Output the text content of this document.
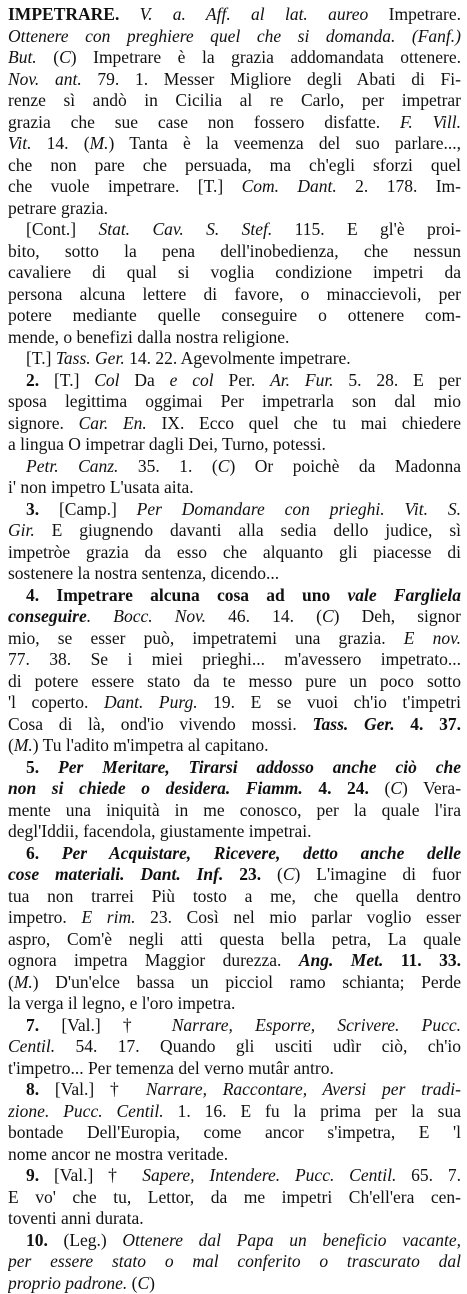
IMPETRARE. V. a. Aff. al lat. aureo Impetrare.
Ottenere con preghiere quel che si domanda. (Fanf.)
But. (C) Impetrare è la grazia addomandata ottenere.
Nov. ant. 79. 1. Messer Migliore degli Abati di Fi-
renze sì andò in Cicilia al re Carlo, per impetrar
grazia che sue case non fossero disfatte. F. Vill.
Vit. 14. (M.) Tanta è la veemenza del suo parlare...,
che non pare che persuada, ma ch'egli sforzi quel
che vuole impetrare. [T.] Com. Dant. 2. 178. Im-
petrare grazia.
[Cont.] Stat. Cav. S. Stef. 115. E gl'è proi-
bito, sotto la pena dell'inobedienza, che nessun
cavaliere di qual si voglia condizione impetri da
persona alcuna lettere di favore, o minaccievoli, per
potere mediante quelle conseguire o ottenere com-
mende, o benefizi dalla nostra religione.
[T.] Tass. Ger. 14. 22. Agevolmente impetrare.
2. [T.] Col Da e col Per. Ar. Fur. 5. 28. E per
sposa legittima oggimai Per impetrarla son dal mio
signore. Car. En. IX. Ecco quel che tu mai chiedere
a lingua O impetrar dagli Dei, Turno, potessi.
Petr. Canz. 35. 1. (C) Or poichè da Madonna
i' non impetro L'usata aita.
3. [Camp.] Per Domandare con prieghi. Vit. S.
Gir. E giugnendo davanti alla sedia dello judice, sì
impetròe grazia da esso che alquanto gli piacesse di
sostenere la nostra sentenza, dicendo...
4. Impetrare alcuna cosa ad uno vale Fargliela
conseguire. Bocc. Nov. 46. 14. (C) Deh, signor
mio, se esser può, impetratemi una grazia. E nov.
77. 38. Se i miei prieghi... m'avessero impetrato...
di potere essere stato da te messo pure un poco sotto
'l coperto. Dant. Purg. 19. E se vuoi ch'io t'impetri
Cosa di là, ond'io vivendo mossi. Tass. Ger. 4. 37.
(M.) Tu l'adito m'impetra al capitano.
5. Per Meritare, Tirarsi addosso anche ciò che
non si chiede o desidera. Fiamm. 4. 24. (C) Vera-
mente una iniquità in me conosco, per la quale l'ira
degl'Iddii, facendola, giustamente impetrai.
6. Per Acquistare, Ricevere, detto anche delle
cose materiali. Dant. Inf. 23. (C) L'imagine di fuor
tua non trarrei Più tosto a me, che quella dentro
impetro. E rim. 23. Così nel mio parlar voglio esser
aspro, Com'è negli atti questa bella petra, La quale
ognora impetra Maggior durezza. Ang. Met. 11. 33.
(M.) D'un'elce bassa un picciol ramo schianta; Perde
la verga il legno, e l'oro impetra.
7. [Val.] † Narrare, Esporre, Scrivere. Pucc.
Centil. 54. 17. Quando gli usciti udìr ciò, ch'io
t'impetro... Per temenza del verno mutâr antro.
8. [Val.] † Narrare, Raccontare, Aversi per tradi-
zione. Pucc. Centil. 1. 16. E fu la prima per la sua
bontade Dell'Europia, come ancor s'impetra, E 'l
nome ancor ne mostra veritade.
9. [Val.] † Sapere, Intendere. Pucc. Centil. 65. 7.
E vo' che tu, Lettor, da me impetri Ch'ell'era cen-
toventi anni durata.
10. (Leg.) Ottenere dal Papa un beneficio vacante,
per essere stato o mal conferito o trascurato dal
proprio padrone. (C)
